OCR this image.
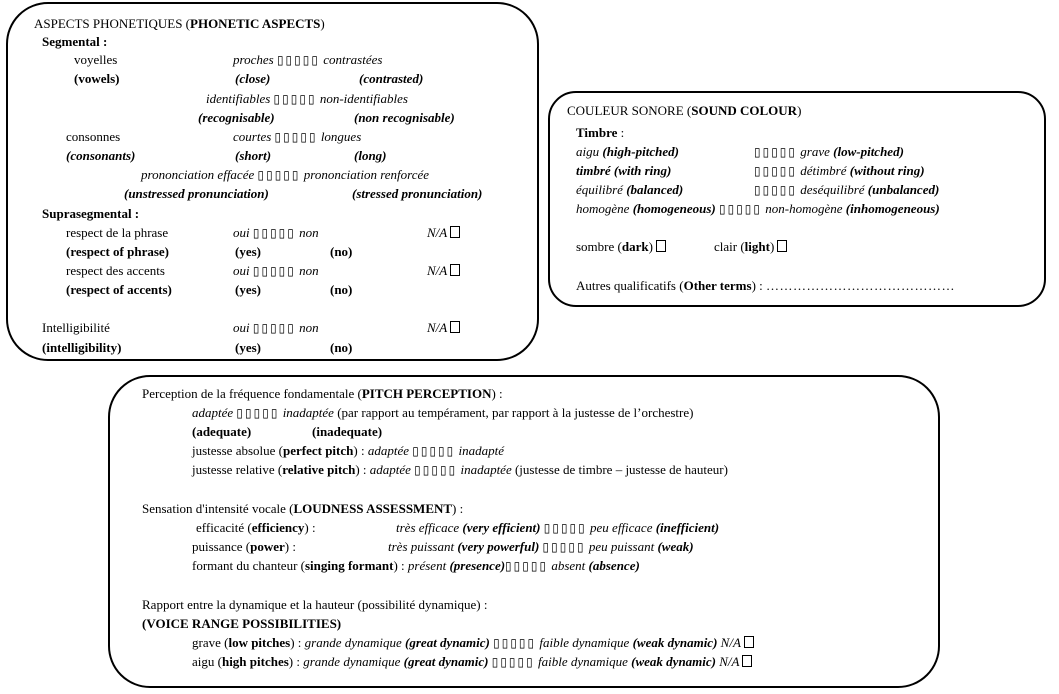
ASPECTS PHONETIQUES (PHONETIC ASPECTS)
Segmental :
voyelles	proches ▯▯▯▯▯ contrastées
(vowels)	(close)	(contrasted)
identifiables ▯▯▯▯▯ non-identifiables
(recognisable)	(non recognisable)
consonnes	courtes ▯▯▯▯▯ longues
(consonants)	(short)	(long)
prononciation effacée ▯▯▯▯▯ prononciation renforcée
(unstressed pronunciation)	(stressed pronunciation)
Suprasegmental :
respect de la phrase	oui ▯▯▯▯▯ non	N/A
(respect of phrase)	(yes)	(no)
respect des accents	oui ▯▯▯▯▯ non	N/A
(respect of accents)	(yes)	(no)
Intelligibilité	oui ▯▯▯▯▯ non	N/A
(intelligibility)	(yes)	(no)
COULEUR SONORE (SOUND COLOUR)
Timbre :
aigu (high-pitched)	▯▯▯▯▯ grave (low-pitched)
timbré (with ring)	▯▯▯▯▯ détimbré (without ring)
équilibré (balanced)	▯▯▯▯▯ deséquilibré (unbalanced)
homogène (homogeneous) ▯▯▯▯▯ non-homogène (inhomogeneous)
sombre (dark)	clair (light)
Autres qualificatifs (Other terms) : ……………………………………
Perception de la fréquence fondamentale (PITCH PERCEPTION) :
adaptée ▯▯▯▯▯ inadaptée (par rapport au tempérament, par rapport à la justesse de l’orchestre)
(adequate)	(inadequate)
justesse absolue (perfect pitch) : adaptée ▯▯▯▯▯ inadapté
justesse relative (relative pitch) : adaptée ▯▯▯▯▯ inadaptée (justesse de timbre – justesse de hauteur)
Sensation d'intensité vocale (LOUDNESS ASSESSMENT) :
efficacité (efficiency) :	très efficace (very efficient) ▯▯▯▯▯ peu efficace (inefficient)
puissance (power) :	très puissant (very powerful) ▯▯▯▯▯ peu puissant (weak)
formant du chanteur (singing formant) : présent (presence)▯▯▯▯▯ absent (absence)
Rapport entre la dynamique et la hauteur (possibilité dynamique) :
(VOICE RANGE POSSIBILITIES)
grave (low pitches) : grande dynamique (great dynamic) ▯▯▯▯▯ faible dynamique (weak dynamic) N/A
aigu (high pitches) : grande dynamique (great dynamic) ▯▯▯▯▯ faible dynamique (weak dynamic) N/A
